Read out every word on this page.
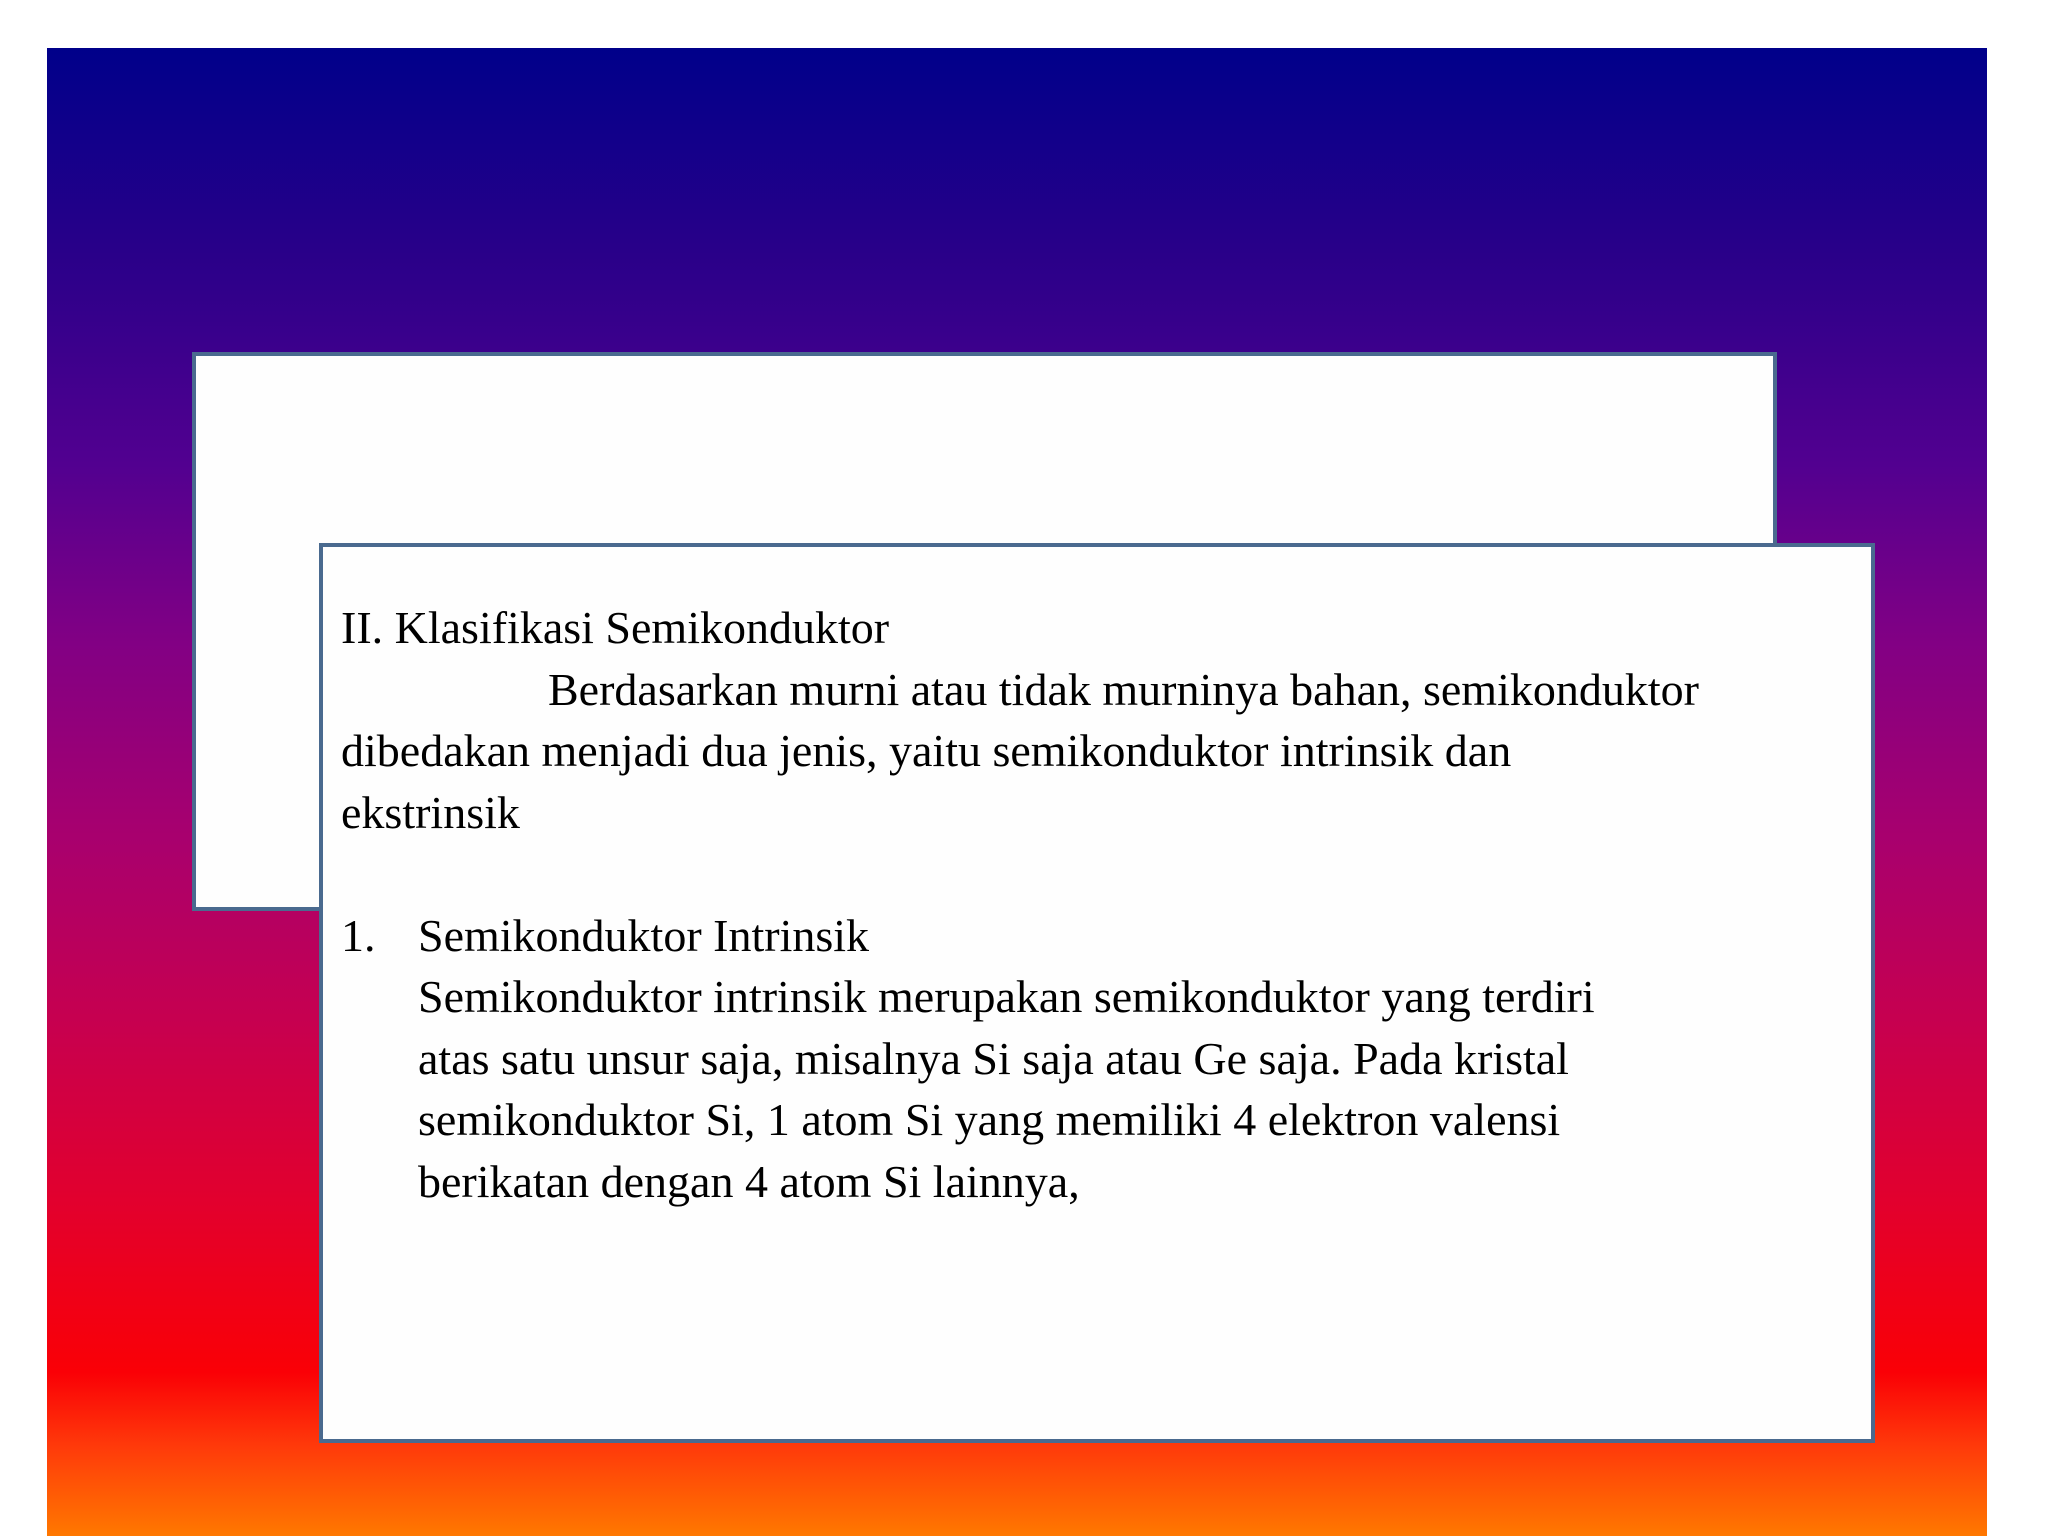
II. Klasifikasi Semikonduktor

Berdasarkan murni atau tidak murninya bahan, semikonduktor

dibedakan menjadi dua jenis, yaitu semikonduktor intrinsik dan

ekstrinsik

1. Semikonduktor Intrinsik

Semikonduktor intrinsik merupakan semikonduktor yang terdiri

atas satu unsur saja, misalnya Si saja atau Ge saja. Pada kristal

semikonduktor Si, 1 atom Si yang memiliki 4 elektron valensi

berikatan dengan 4 atom Si lainnya,
